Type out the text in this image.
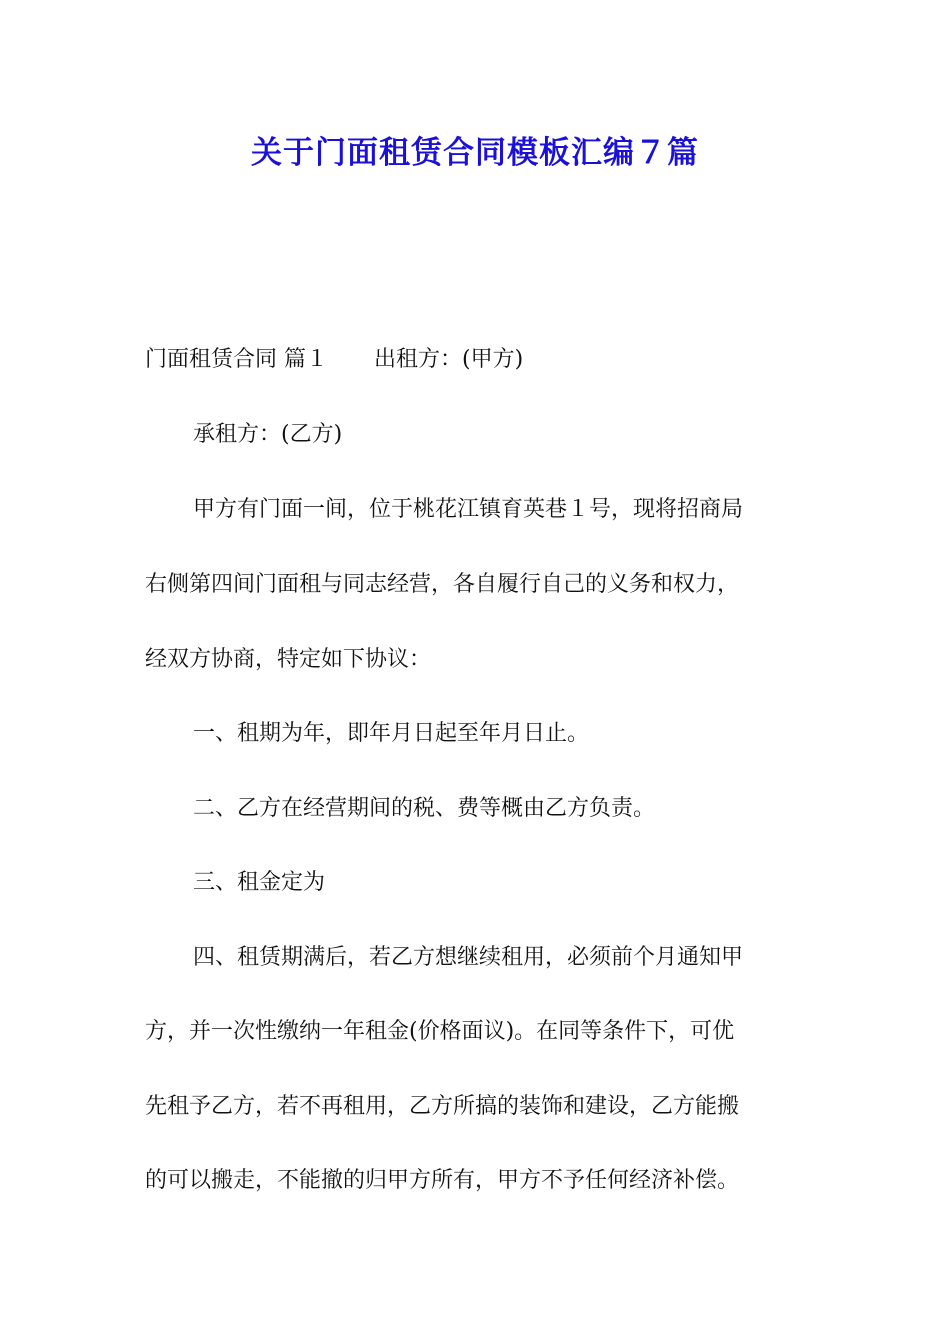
关于门面租赁合同模板汇编７篇

门面租赁合同 篇１ 出租方：(甲方)

承租方：(乙方)

甲方有门面一间，位于桃花江镇育英巷１号，现将招商局

右侧第四间门面租与同志经营，各自履行自己的义务和权力，

经双方协商，特定如下协议：

一、租期为年，即年月日起至年月日止。

二、乙方在经营期间的税、费等概由乙方负责。

三、租金定为

四、租赁期满后，若乙方想继续租用，必须前个月通知甲

方，并一次性缴纳一年租金(价格面议)。在同等条件下，可优

先租予乙方，若不再租用，乙方所搞的装饰和建设，乙方能搬

的可以搬走，不能撤的归甲方所有，甲方不予任何经济补偿。
